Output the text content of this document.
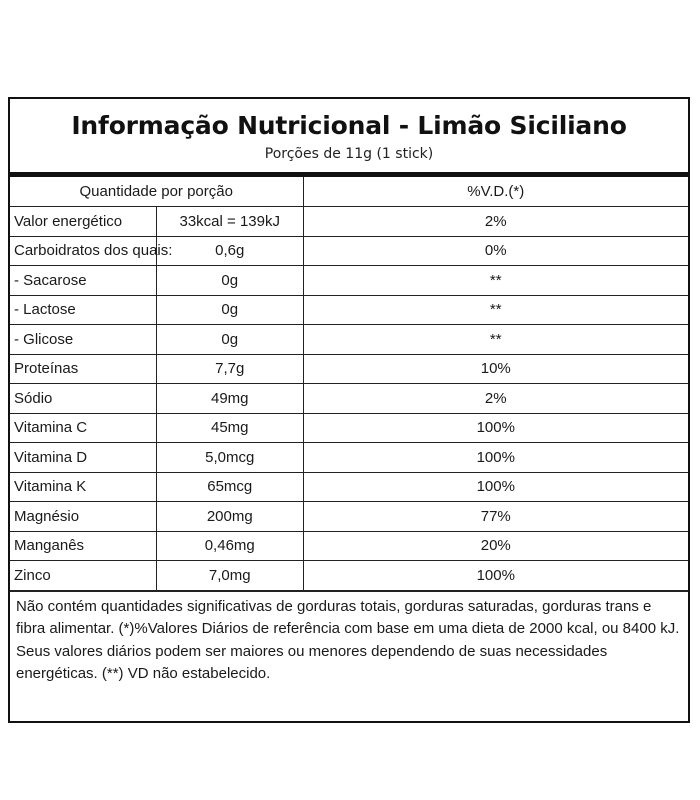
Informação Nutricional - Limão Siciliano
Porções de 11g (1 stick)
Quantidade por porção		%V.D.(*)
Valor energético	33kcal = 139kJ	2%
Carboidratos dos quais:	0,6g	0%
- Sacarose	0g	**
- Lactose	0g	**
- Glicose	0g	**
Proteínas	7,7g	10%
Sódio	49mg	2%
Vitamina C	45mg	100%
Vitamina D	5,0mcg	100%
Vitamina K	65mcg	100%
Magnésio	200mg	77%
Manganês	0,46mg	20%
Zinco	7,0mg	100%
Não contém quantidades significativas de gorduras totais, gorduras saturadas, gorduras trans e fibra alimentar. (*)%Valores Diários de referência com base em uma dieta de 2000 kcal, ou 8400 kJ. Seus valores diários podem ser maiores ou menores dependendo de suas necessidades energéticas. (**) VD não estabelecido.
